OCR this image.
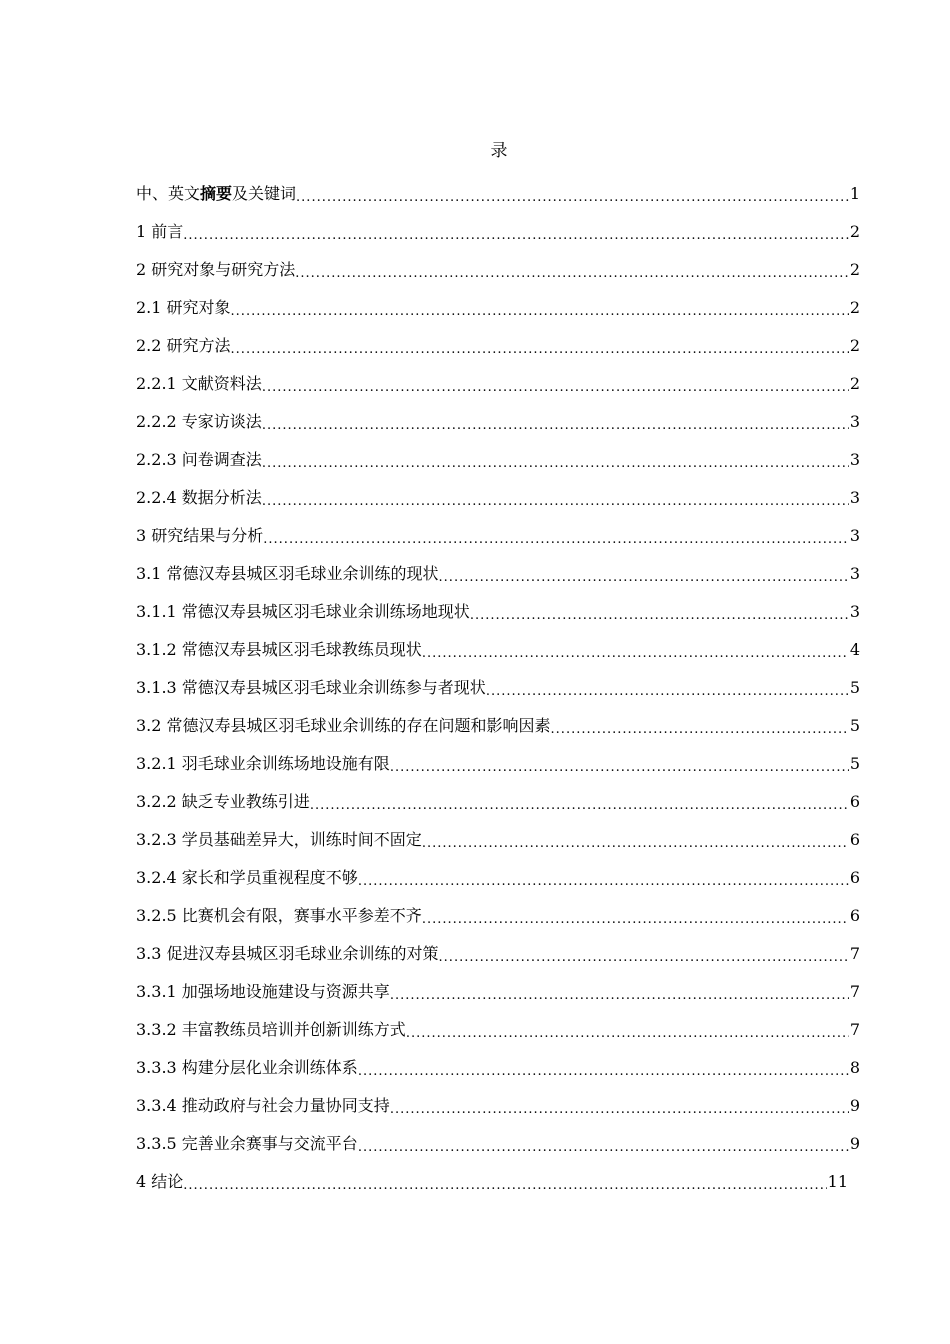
录
中、英文摘要及关键词 .....	1
1 前言 .....	2
2 研究对象与研究方法 .....	2
2.1 研究对象 .....	2
2.2 研究方法 .....	2
2.2.1 文献资料法 .....	2
2.2.2 专家访谈法 .....	3
2.2.3 问卷调查法 .....	3
2.2.4 数据分析法 .....	3
3 研究结果与分析 .....	3
3.1 常德汉寿县城区羽毛球业余训练的现状 .....	3
3.1.1 常德汉寿县城区羽毛球业余训练场地现状 .....	3
3.1.2 常德汉寿县城区羽毛球教练员现状 .....	4
3.1.3 常德汉寿县城区羽毛球业余训练参与者现状 .....	5
3.2 常德汉寿县城区羽毛球业余训练的存在问题和影响因素 .....	5
3.2.1 羽毛球业余训练场地设施有限 .....	5
3.2.2 缺乏专业教练引进 .....	6
3.2.3 学员基础差异大，训练时间不固定 .....	6
3.2.4 家长和学员重视程度不够 .....	6
3.2.5 比赛机会有限，赛事水平参差不齐 .....	6
3.3 促进汉寿县城区羽毛球业余训练的对策 .....	7
3.3.1 加强场地设施建设与资源共享 .....	7
3.3.2 丰富教练员培训并创新训练方式 .....	7
3.3.3 构建分层化业余训练体系 .....	8
3.3.4 推动政府与社会力量协同支持 .....	9
3.3.5 完善业余赛事与交流平台 .....	9
4 结论 .....	11
